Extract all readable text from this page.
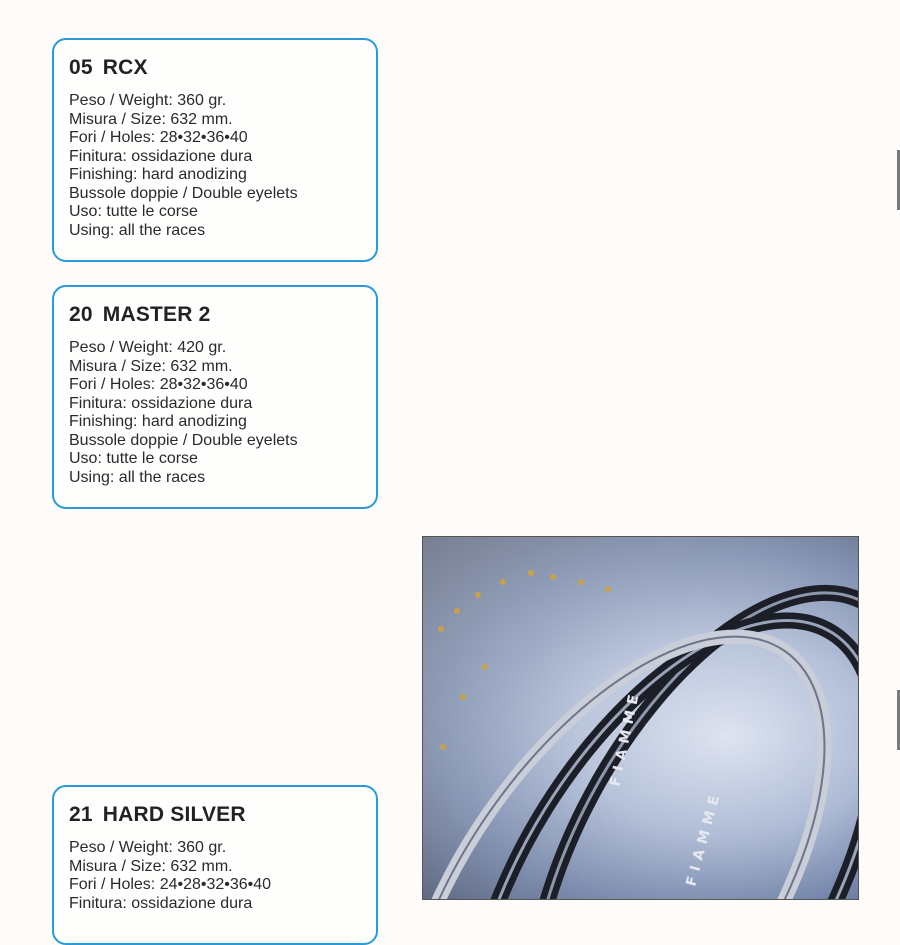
05 RCX
Peso / Weight: 360 gr.
Misura / Size: 632 mm.
Fori / Holes: 28•32•36•40
Finitura: ossidazione dura
Finishing: hard anodizing
Bussole doppie / Double eyelets
Uso: tutte le corse
Using: all the races
20 MASTER 2
Peso / Weight: 420 gr.
Misura / Size: 632 mm.
Fori / Holes: 28•32•36•40
Finitura: ossidazione dura
Finishing: hard anodizing
Bussole doppie / Double eyelets
Uso: tutte le corse
Using: all the races
21 HARD SILVER
Peso / Weight: 360 gr.
Misura / Size: 632 mm.
Fori / Holes: 24•28•32•36•40
Finitura: ossidazione dura
FIAMME
FIAMME
